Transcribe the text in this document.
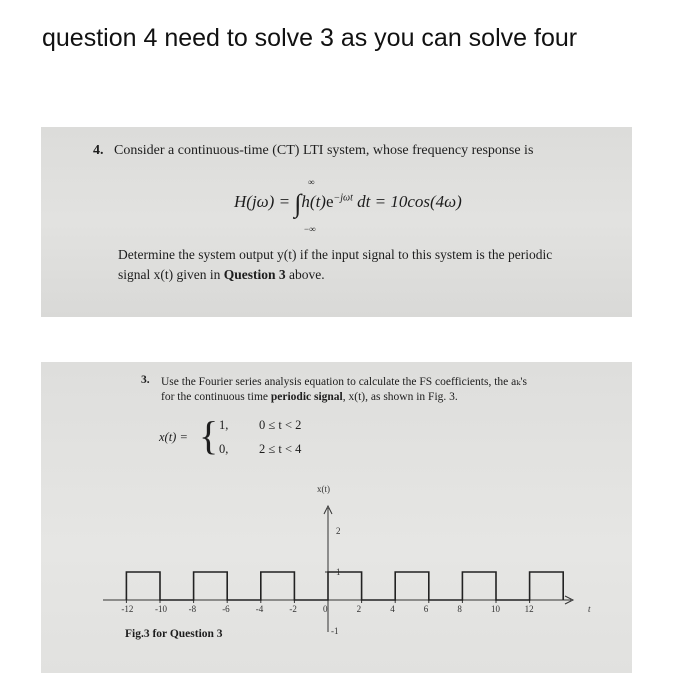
question 4 need to solve 3 as you can solve four
4. Consider a continuous-time (CT) LTI system, whose frequency response is
∞
$H(j\omega) = \int h(t)e^{-j\omega t}$ dt = 10cos(4ω)
−∞
Determine the system output y(t) if the input signal to this system is the periodic
signal x(t) given in Question 3 above.
3. Use the Fourier series analysis equation to calculate the FS coefficients, the aₖ's
for the continuous time periodic signal, x(t), as shown in Fig. 3.
x(t) = { 1, 0 ≤ t < 2
0, 2 ≤ t < 4
x(t)
t
2
1
-1
-12 -10 -8	-6	-4	-2	0	2	4	6	8	10	12
Fig.3 for Question 3
